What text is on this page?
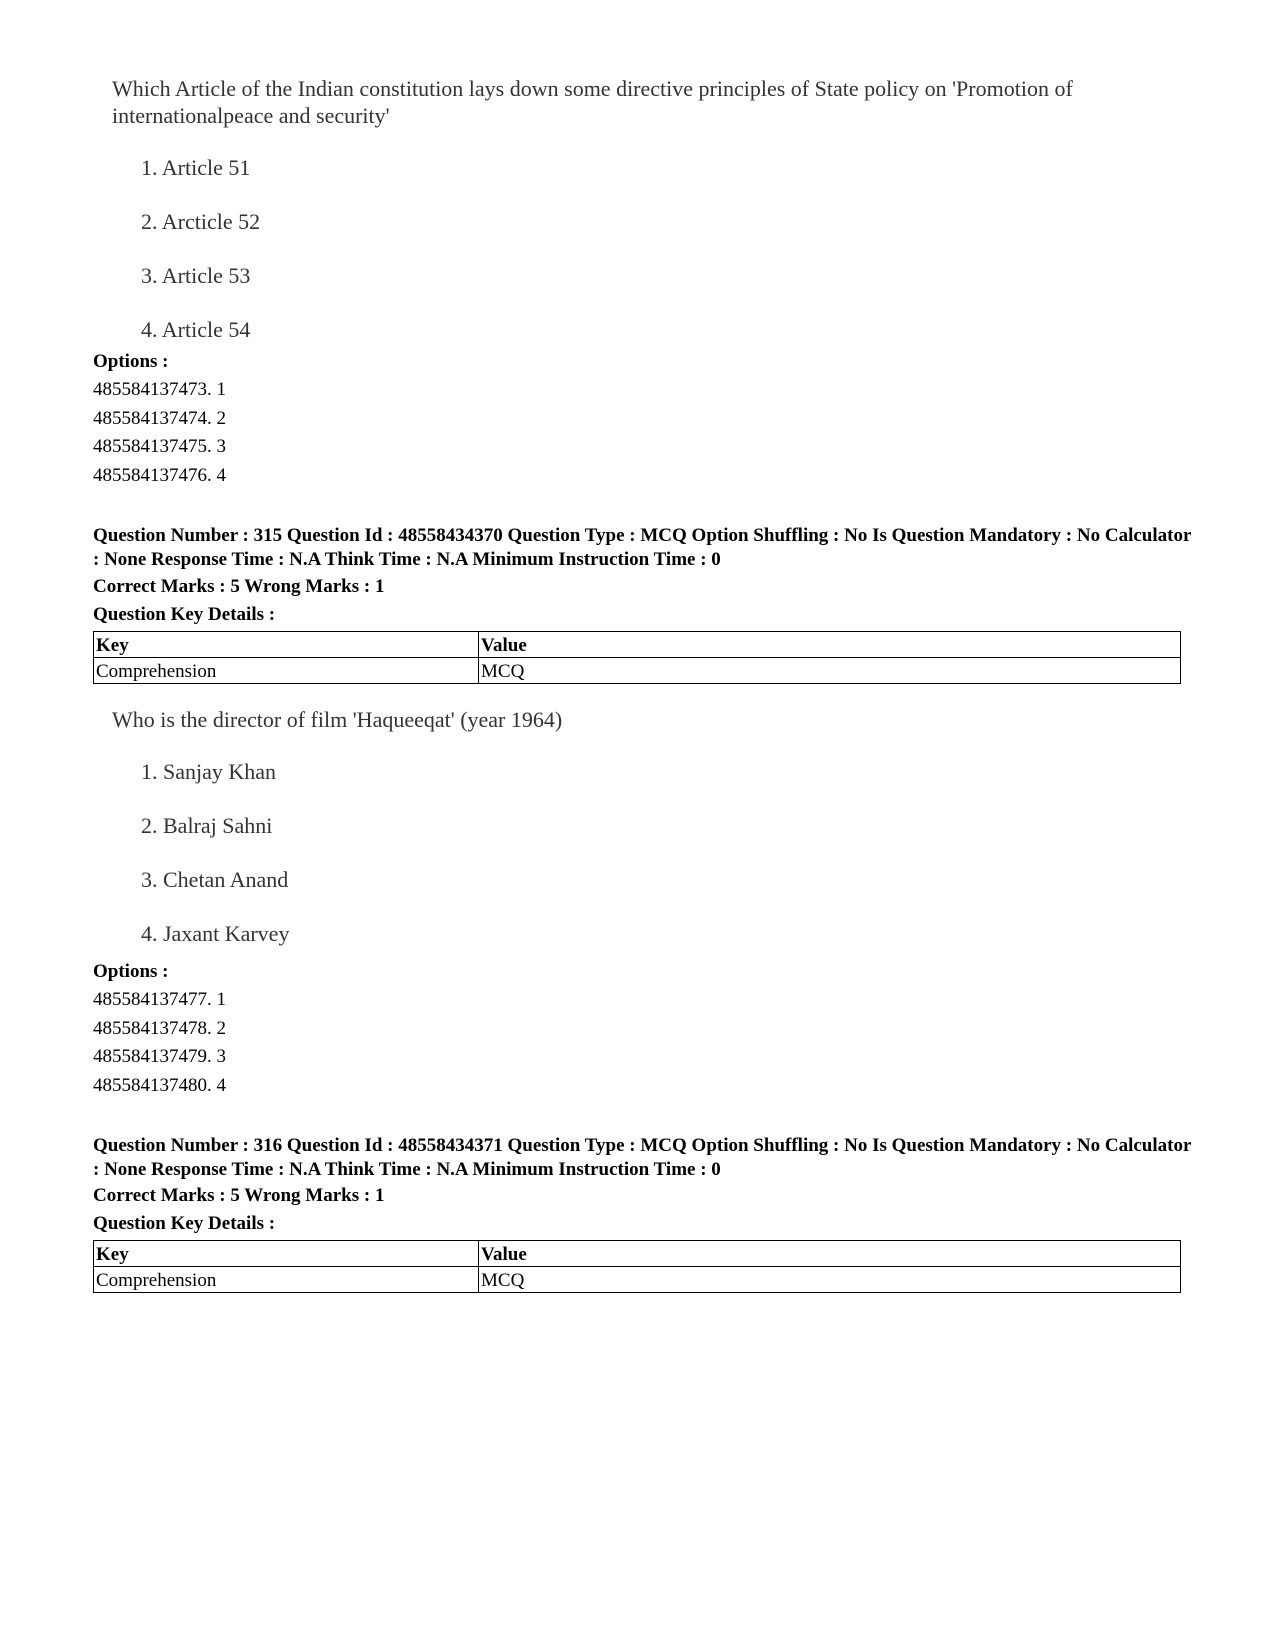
Which Article of the Indian constitution lays down some directive principles of State policy on 'Promotion of internationalpeace and security'
1. Article 51
2. Arcticle 52
3. Article 53
4. Article 54
Options :
485584137473. 1
485584137474. 2
485584137475. 3
485584137476. 4
Question Number : 315 Question Id : 48558434370 Question Type : MCQ Option Shuffling : No Is Question Mandatory : No Calculator : None Response Time : N.A Think Time : N.A Minimum Instruction Time : 0
Correct Marks : 5 Wrong Marks : 1
Question Key Details :
Key	Value
Comprehension	MCQ
Who is the director of film 'Haqueeqat' (year 1964)
1. Sanjay Khan
2. Balraj Sahni
3. Chetan Anand
4. Jaxant Karvey
Options :
485584137477. 1
485584137478. 2
485584137479. 3
485584137480. 4
Question Number : 316 Question Id : 48558434371 Question Type : MCQ Option Shuffling : No Is Question Mandatory : No Calculator : None Response Time : N.A Think Time : N.A Minimum Instruction Time : 0
Correct Marks : 5 Wrong Marks : 1
Question Key Details :
Key	Value
Comprehension	MCQ
